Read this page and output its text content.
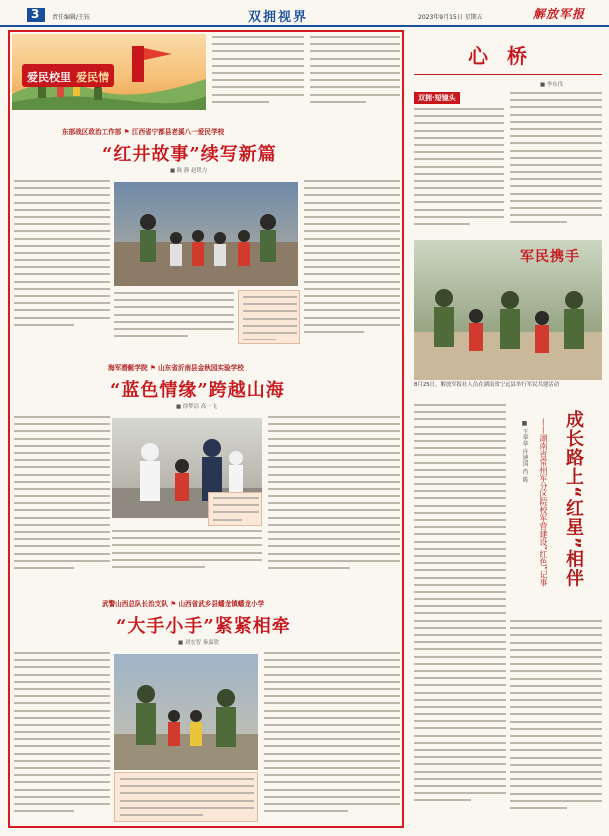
3 责任编辑/王钰	双拥视界	2023年9月15日 星期五	解放军报
爱民校里 爱民情
东部战区政治工作部 ⚑ 江西省宁都县老溪八一爱民学校
“红井故事”续写新篇
■ 陈 静 赵铁力
海军潜艇学院 ⚑ 山东省沂南县金秋园实验学校
“蓝色情缘”跨越山海
■ 徐梦洁 高一飞
武警山西总队长治支队 ⚑ 山西省武乡县蟠龙镇蟠龙小学
“大手小手”紧紧相牵
■ 刘宏智 秦嘉欣
心 桥
■ 李东伐
双拥·短镜头
军民携手
8月25日，解放军报社人员在湖南省宁远县举行军民共建活动
成长路上“红星”相伴
——湖南省常州军分区院校军营建设“红色”记事
■ 王华华 许建国 肖 陈
